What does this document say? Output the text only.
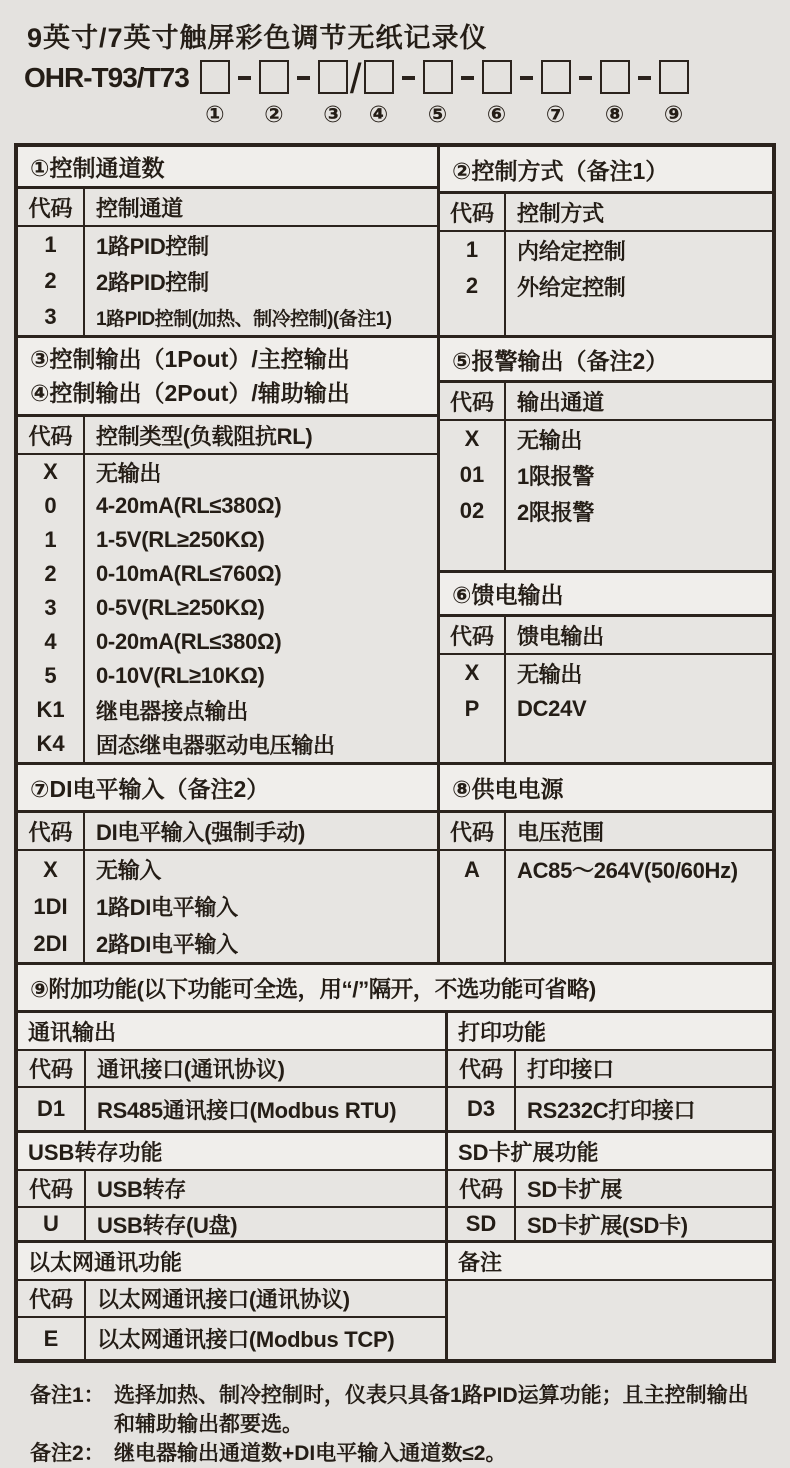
9英寸/7英寸触屏彩色调节无纸记录仪
OHR-T93/T73
① ② ③
/
④ ⑤ ⑥ ⑦ ⑧ ⑨
①控制通道数
代码
1
2
3
控制通道
1路PID控制
2路PID控制
1路PID控制(加热、制冷控制)(备注1)
③控制输出（1Pout）/主控输出
④控制输出（2Pout）/辅助输出
代码
X
0
1
2
3
4
5
K1
K4
控制类型(负载阻抗RL)
无输出
4-20mA(RL≤380Ω)
1-5V(RL≥250KΩ)
0-10mA(RL≤760Ω)
0-5V(RL≥250KΩ)
0-20mA(RL≤380Ω)
0-10V(RL≥10KΩ)
继电器接点输出
固态继电器驱动电压输出
⑦DI电平输入（备注2）
代码
X
1DI
2DI
DI电平输入(强制手动)
无输入
1路DI电平输入
2路DI电平输入
②控制方式（备注1）
代码
1
2
控制方式
内给定控制
外给定控制
⑤报警输出（备注2）
代码
X
01
02
输出通道
无输出
1限报警
2限报警
⑥馈电输出
代码
X
P
馈电输出
无输出
DC24V
⑧供电电源
代码
A
电压范围
AC85～264V(50/60Hz)
⑨附加功能(以下功能可全选，用“/”隔开，不选功能可省略)
通讯输出
代码
D1
通讯接口(通讯协议)
RS485通讯接口(Modbus RTU)
打印功能
代码
D3
打印接口
RS232C打印接口
USB转存功能
代码
U
USB转存
USB转存(U盘)
SD卡扩展功能
代码
SD
SD卡扩展
SD卡扩展(SD卡)
以太网通讯功能
代码
E
以太网通讯接口(通讯协议)
以太网通讯接口(Modbus TCP)
备注
备注1： 选择加热、制冷控制时，仪表只具备1路PID运算功能；且主控制输出和辅助输出都要选。
备注2： 继电器输出通道数+DI电平输入通道数≤2。
